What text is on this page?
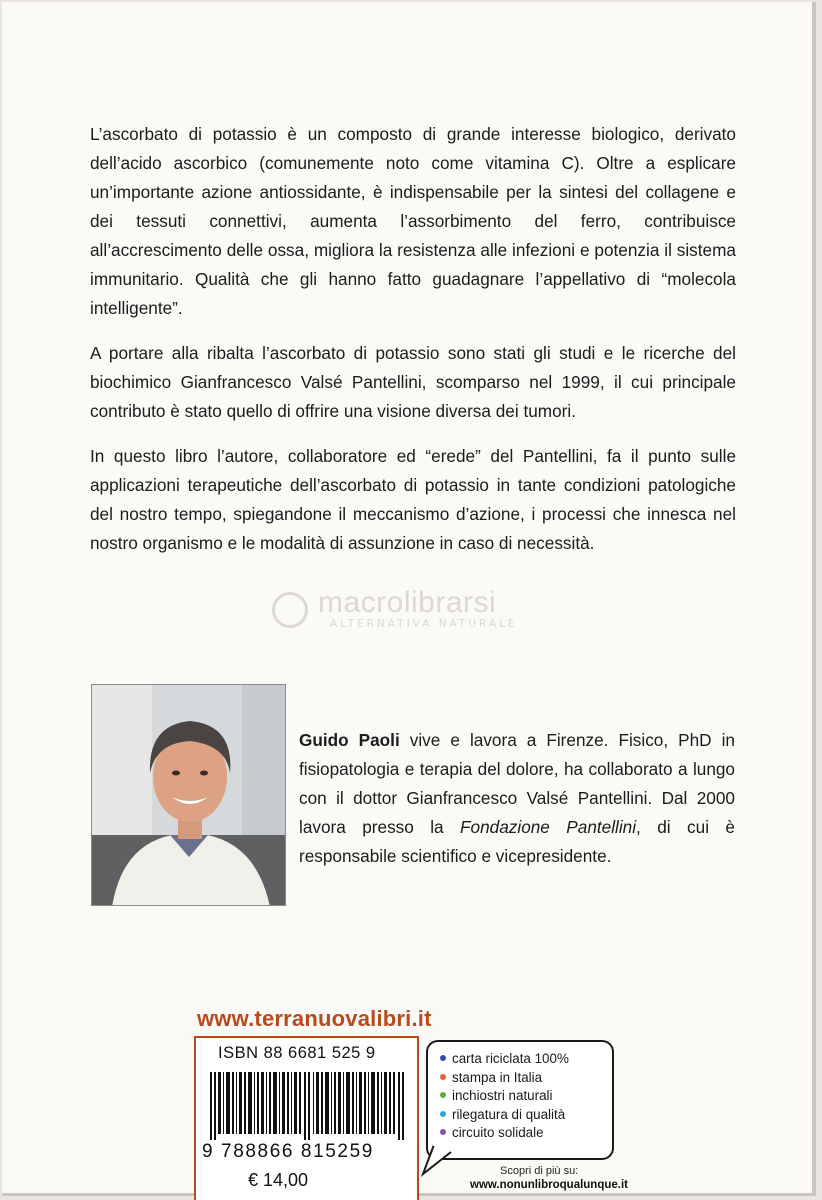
L’ascorbato di potassio è un composto di grande interesse biologico, derivato dell’acido ascorbico (comunemente noto come vitamina C). Oltre a esplicare un’importante azione antiossidante, è indispensabile per la sintesi del collagene e dei tessuti connettivi, aumenta l’assorbimento del ferro, contribuisce all’accrescimento delle ossa, migliora la resistenza alle infezioni e potenzia il sistema immunitario. Qualità che gli hanno fatto guadagnare l’appellativo di “molecola intelligente”.

A portare alla ribalta l’ascorbato di potassio sono stati gli studi e le ricerche del biochimico Gianfrancesco Valsé Pantellini, scomparso nel 1999, il cui principale contributo è stato quello di offrire una visione diversa dei tumori.

In questo libro l’autore, collaboratore ed “erede” del Pantellini, fa il punto sulle applicazioni terapeutiche dell’ascorbato di potassio in tante condizioni patologiche del nostro tempo, spiegandone il meccanismo d’azione, i processi che innesca nel nostro organismo e le modalità di assunzione in caso di necessità.

macrolibrarsi
ALTERNATIVA NATURALE
Guido Paoli vive e lavora a Firenze. Fisico, PhD in fisiopatologia e terapia del dolore, ha collaborato a lungo con il dottor Gianfrancesco Valsé Pantellini. Dal 2000 lavora presso la Fondazione Pantellini, di cui è responsabile scientifico e vicepresidente.
www.terranuovalibri.it
ISBN 88 6681 525 9
9 788866 815259
€ 14,00
carta riciclata 100%
stampa in Italia
inchiostri naturali
rilegatura di qualità
circuito solidale
Scopri di più su:
www.nonunlibroqualunque.it
